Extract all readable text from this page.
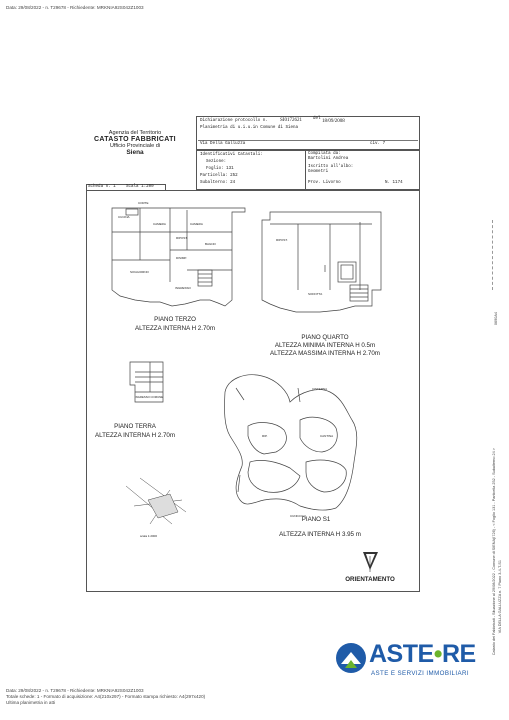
Data: 29/08/2022 - n. T29678 - Richiedente: MRKNIA92S042Z1003
Agenzia del Territorio
CATASTO FABBRICATI
Ufficio Provinciale di
Siena
Dichiarazione protocollo n. SI0172621	del 18/09/2008
Planimetria di u.i.u.in Comune di Siena
Via Della Galluzza	civ. 7
Identificativi Catastali:
Sezione:
Foglio: 131
Particella: 252
Subalterno: 24
Compilata da:
Bartolini Andrea
Iscritto all'albo:
Geometri
Prov. Livorno	N. 1174
Scheda n. 1 Scala 1:200
CUCINA
CAMERA	CAMERA
RIPOST.
SOGGIORNO
INGRESSO
BAGNO
DISIMP.
CORTE
SOFFITTA
RIPOST.
INGRESSO COMUNE
CISTERNA
RIP.	CANTINA
CUNICOLO
scala 1:2000
PIANO TERZO
ALTEZZA INTERNA H 2.70m
PIANO QUARTO
ALTEZZA MINIMA INTERNA H 0.5m
ALTEZZA MASSIMA INTERNA H 2.70m
PIANO TERRA
ALTEZZA INTERNA H 2.70m
PIANO S1
ALTEZZA INTERNA H 3.95 m
ORIENTAMENTO	Catasto dei Fabbricati - Situazione al 29/08/2022 - Comune di SIENA(I726) - < Foglio 131 - Particella 252 - Subalterno 24 > VIA DELLA GALLUZZA n. 7 Piano 3-4-T-S1
0690A4
ASTE•RE
ASTE E SERVIZI IMMOBILIARI
Data: 29/08/2022 - n. T29678 - Richiedente: MRKNIA92S042Z1003
Totale schede: 1 - Formato di acquisizione: A4(210x297) - Formato stampa richiesto: A4(297x420)
Ultima planimetria in atti
